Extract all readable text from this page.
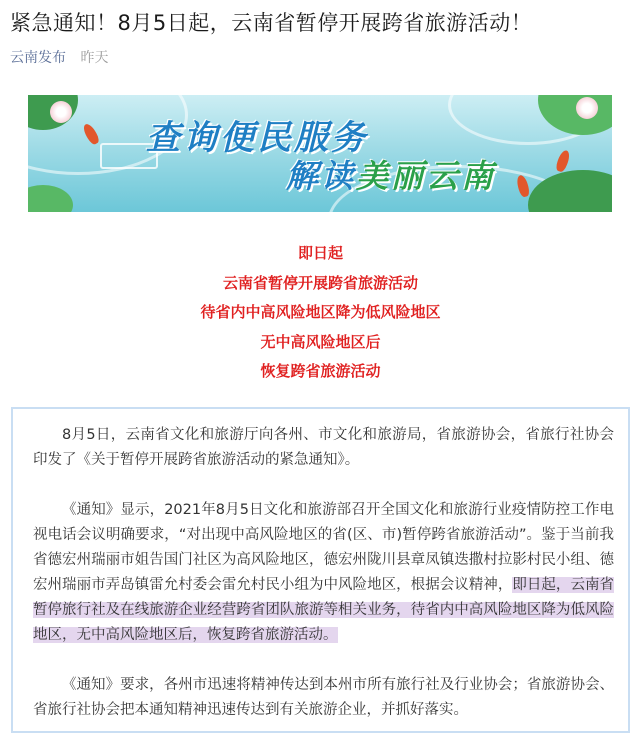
紧急通知！8月5日起，云南省暂停开展跨省旅游活动！
云南发布 昨天
查询便民服务
解读美丽云南
即日起
云南省暂停开展跨省旅游活动
待省内中高风险地区降为低风险地区
无中高风险地区后
恢复跨省旅游活动

8月5日，云南省文化和旅游厅向各州、市文化和旅游局，省旅游协会，省旅行社协会印发了《关于暂停开展跨省旅游活动的紧急通知》。

《通知》显示，2021年8月5日文化和旅游部召开全国文化和旅游行业疫情防控工作电视电话会议明确要求，“对出现中高风险地区的省(区、市)暂停跨省旅游活动”。鉴于当前我省德宏州瑞丽市姐告国门社区为高风险地区，德宏州陇川县章凤镇迭撒村拉影村民小组、德宏州瑞丽市弄岛镇雷允村委会雷允村民小组为中风险地区，根据会议精神，即日起，云南省暂停旅行社及在线旅游企业经营跨省团队旅游等相关业务，待省内中高风险地区降为低风险地区，无中高风险地区后，恢复跨省旅游活动。

《通知》要求，各州市迅速将精神传达到本州市所有旅行社及行业协会；省旅游协会、省旅行社协会把本通知精神迅速传达到有关旅游企业，并抓好落实。
